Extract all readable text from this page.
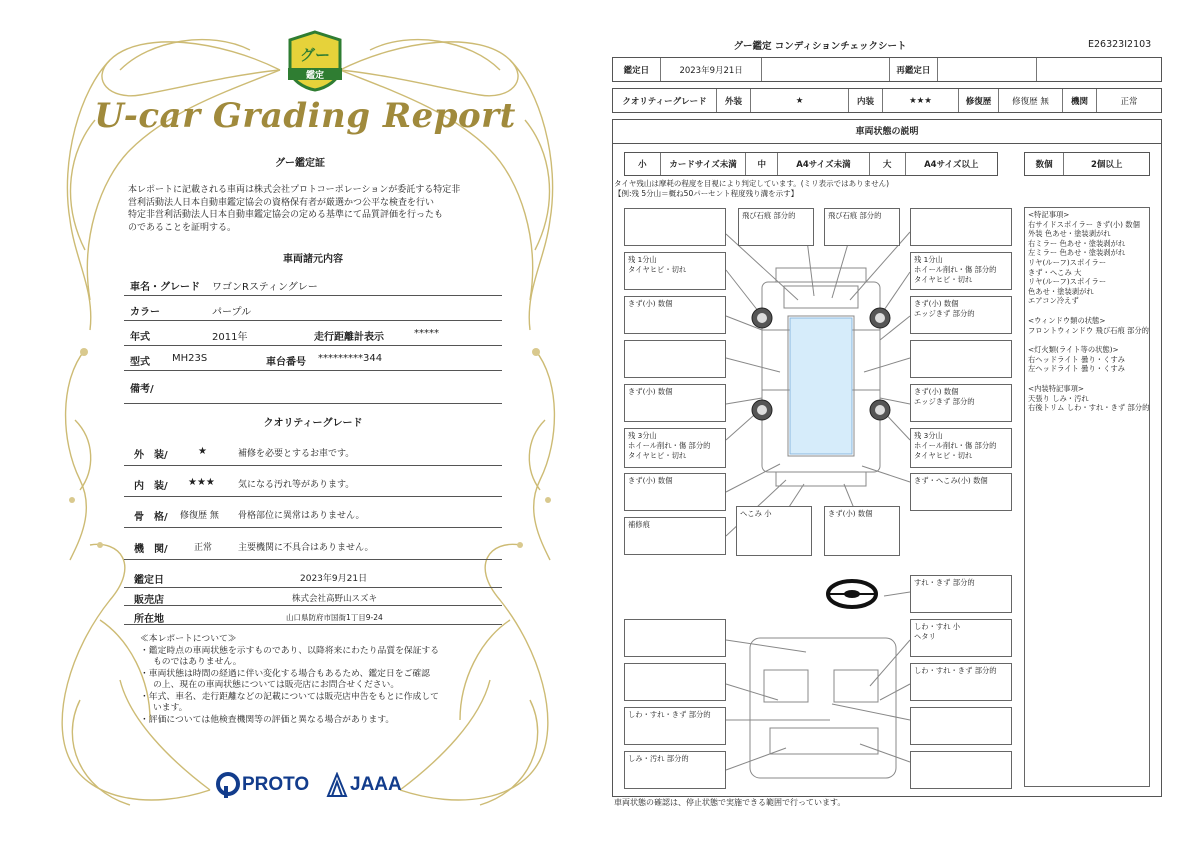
グー
鑑定
U-car Grading Report
グー鑑定証
本レポートに記載される車両は株式会社プロトコーポレーションが委託する特定非
営利活動法人日本自動車鑑定協会の資格保有者が厳選かつ公平な検査を行い
特定非営利活動法人日本自動車鑑定協会の定める基準にて品質評価を行ったも
のであることを証明する。
車両諸元内容
車名・グレード ワゴンRスティングレー
カラー	パープル
年式	2011年	走行距離計表示	*****
型式 MH23S	車台番号 *********344
備考/
クオリティーグレード
外　装/	★	補修を必要とするお車です。
内　装/ ★★★	気になる汚れ等があります。
骨　格/ 修復歴 無 骨格部位に異常はありません。
機　関/	正常	主要機関に不具合はありません。
鑑定日	2023年9月21日
販売店	株式会社高野山スズキ
所在地	山口県防府市国衙1丁目9-24
≪本レポートについて≫
・鑑定時点の車両状態を示すものであり、以降将来にわたり品質を保証する
ものではありません。
・車両状態は時間の経過に伴い変化する場合もあるため、鑑定日をご確認
の上、現在の車両状態については販売店にお問合せください。
・年式、車名、走行距離などの記載については販売店申告をもとに作成して
います。
・評価については他検査機関等の評価と異なる場合があります。
PROTO JAAA
グー鑑定 コンディションチェックシート	E26323I2103
鑑定日	2023年9月21日	再鑑定日
クオリティーグレード	外装	★	内装	★★★	修復歴	修復歴 無	機関	正常
車両状態の説明
小	カードサイズ未満	中	A4サイズ未満	大	A4サイズ以上	数個	2個以上
タイヤ残山は摩耗の程度を目視により判定しています。(ミリ表示ではありません)
【例:残 5分山＝概ね50パーセント程度残り溝を示す】
飛び石痕 部分的	飛び石痕 部分的
残 1分山
タイヤヒビ・切れ
残 1分山
ホイール削れ・傷 部分的
タイヤヒビ・切れ
きず(小) 数個	きず(小) 数個
エッジきず 部分的
きず(小) 数個	きず(小) 数個
エッジきず 部分的
残 3分山
ホイール削れ・傷 部分的
タイヤヒビ・切れ
残 3分山
ホイール削れ・傷 部分的
タイヤヒビ・切れ
きず(小) 数個	きず・へこみ(小) 数個
補修痕
へこみ 小	きず(小) 数個
すれ・きず 部分的
しわ・すれ 小
ヘタリ
しわ・すれ・きず 部分的
しわ・すれ・きず 部分的
しみ・汚れ 部分的
<特記事項>
右サイドスポイラー きず(小) 数個
外装 色あせ・塗装剥がれ
右ミラー 色あせ・塗装剥がれ
左ミラー 色あせ・塗装剥がれ
リヤ(ルーフ)スポイラー
きず・へこみ 大
リヤ(ルーフ)スポイラー
色あせ・塗装剥がれ
エアコン冷えず
<ウィンドウ類の状態>
フロントウィンドウ 飛び石痕 部分的
<灯火類(ライト等の状態)>
右ヘッドライト 曇り・くすみ
左ヘッドライト 曇り・くすみ
<内装特記事項>
天張り しみ・汚れ
右後トリム しわ・すれ・きず 部分的
車両状態の確認は、停止状態で実施できる範囲で行っています。
